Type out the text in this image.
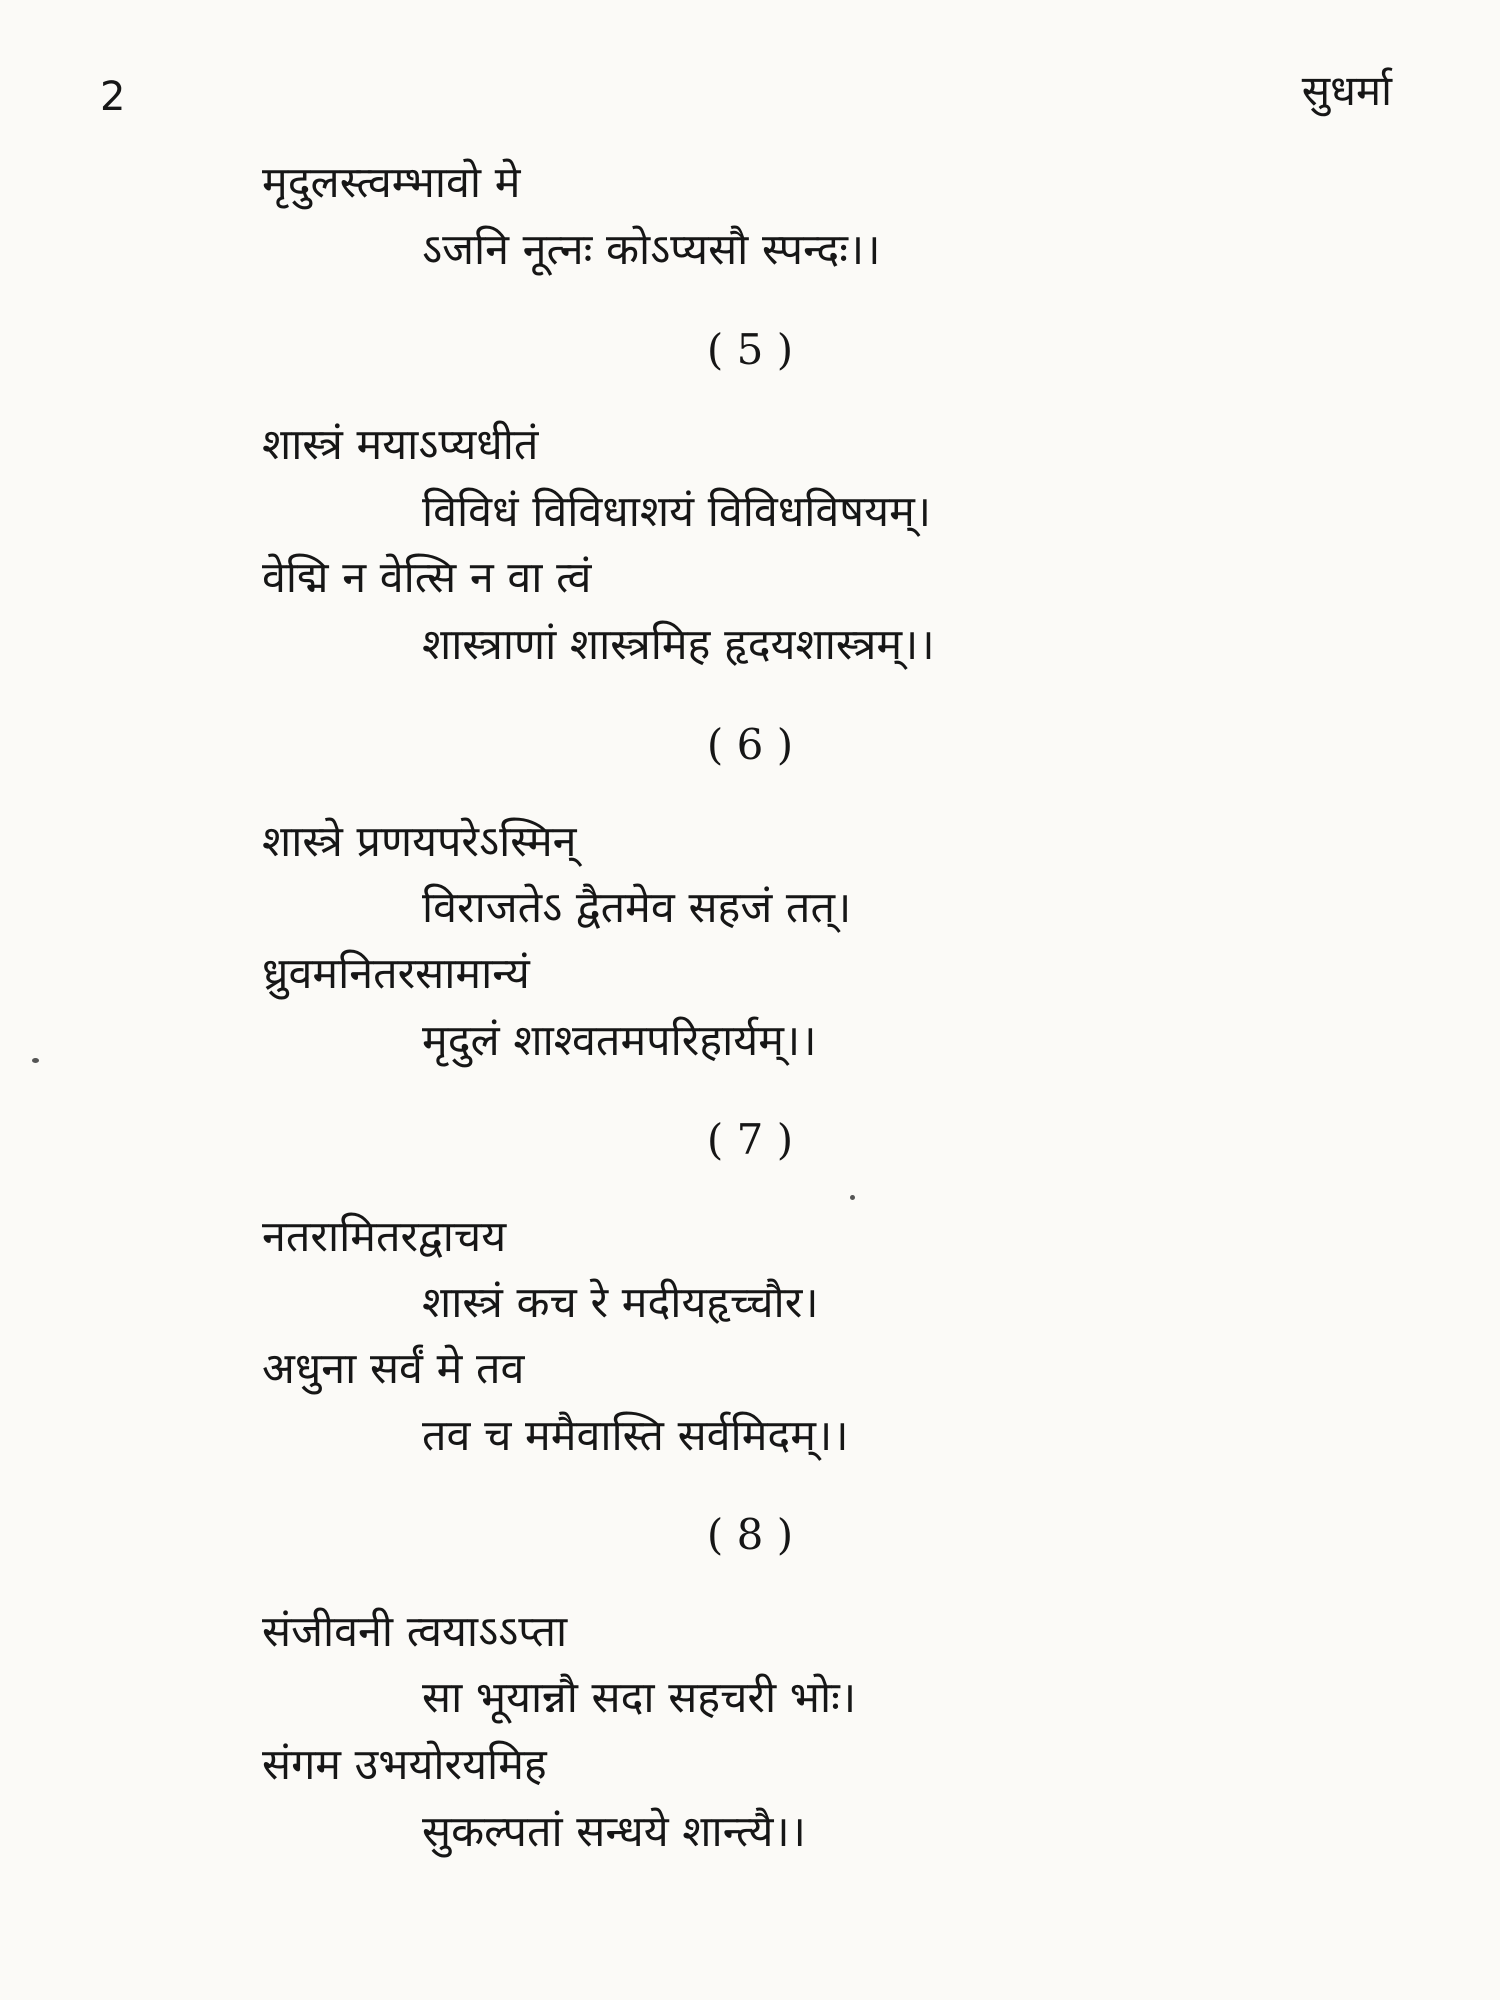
2	सुधर्मा
मृदुलस्त्वम्भावो मे
ऽजनि नूत्नः कोऽप्यसौ स्पन्दः।।
( 5 )
शास्त्रं मयाऽप्यधीतं
विविधं विविधाशयं विविधविषयम्।
वेद्मि न वेत्सि न वा त्वं
शास्त्राणां शास्त्रमिह हृदयशास्त्रम्।।
( 6 )
शास्त्रे प्रणयपरेऽस्मिन्
विराजतेऽ द्वैतमेव सहजं तत्।
ध्रुवमनितरसामान्यं
मृदुलं शाश्वतमपरिहार्यम्।।
( 7 )
नतरामितरद्वाचय
शास्त्रं कच रे मदीयहृच्चौर।
अधुना सर्वं मे तव
तव च ममैवास्ति सर्वमिदम्।।
( 8 )
संजीवनी त्वयाऽऽप्ता
सा भूयान्नौ सदा सहचरी भोः।
संगम उभयोरयमिह
सुकल्पतां सन्धये शान्त्यै।।
